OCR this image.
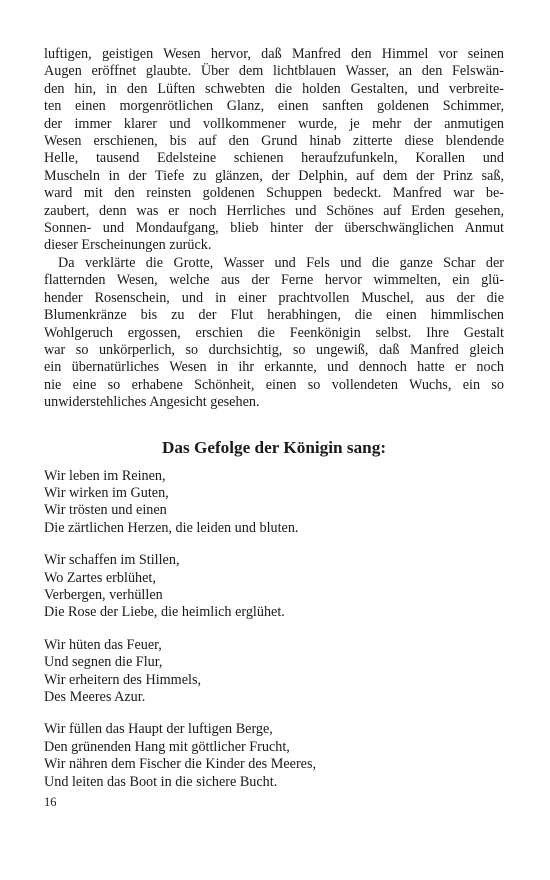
luftigen, geistigen Wesen hervor, daß Manfred den Himmel vor seinen
Augen eröffnet glaubte. Über dem lichtblauen Wasser, an den Felswän-
den hin, in den Lüften schwebten die holden Gestalten, und verbreite-
ten einen morgenrötlichen Glanz, einen sanften goldenen Schimmer,
der immer klarer und vollkommener wurde, je mehr der anmutigen
Wesen erschienen, bis auf den Grund hinab zitterte diese blendende
Helle, tausend Edelsteine schienen heraufzufunkeln, Korallen und
Muscheln in der Tiefe zu glänzen, der Delphin, auf dem der Prinz saß,
ward mit den reinsten goldenen Schuppen bedeckt. Manfred war be-
zaubert, denn was er noch Herrliches und Schönes auf Erden gesehen,
Sonnen- und Mondaufgang, blieb hinter der überschwänglichen Anmut
dieser Erscheinungen zurück.
Da verklärte die Grotte, Wasser und Fels und die ganze Schar der
flatternden Wesen, welche aus der Ferne hervor wimmelten, ein glü-
hender Rosenschein, und in einer prachtvollen Muschel, aus der die
Blumenkränze bis zu der Flut herabhingen, die einen himmlischen
Wohlgeruch ergossen, erschien die Feenkönigin selbst. Ihre Gestalt
war so unkörperlich, so durchsichtig, so ungewiß, daß Manfred gleich
ein übernatürliches Wesen in ihr erkannte, und dennoch hatte er noch
nie eine so erhabene Schönheit, einen so vollendeten Wuchs, ein so
unwiderstehliches Angesicht gesehen.
Das Gefolge der Königin sang:
Wir leben im Reinen,
Wir wirken im Guten,
Wir trösten und einen
Die zärtlichen Herzen, die leiden und bluten.
Wir schaffen im Stillen,
Wo Zartes erblühet,
Verbergen, verhüllen
Die Rose der Liebe, die heimlich erglühet.
Wir hüten das Feuer,
Und segnen die Flur,
Wir erheitern des Himmels,
Des Meeres Azur.
Wir füllen das Haupt der luftigen Berge,
Den grünenden Hang mit göttlicher Frucht,
Wir nähren dem Fischer die Kinder des Meeres,
Und leiten das Boot in die sichere Bucht.
16
